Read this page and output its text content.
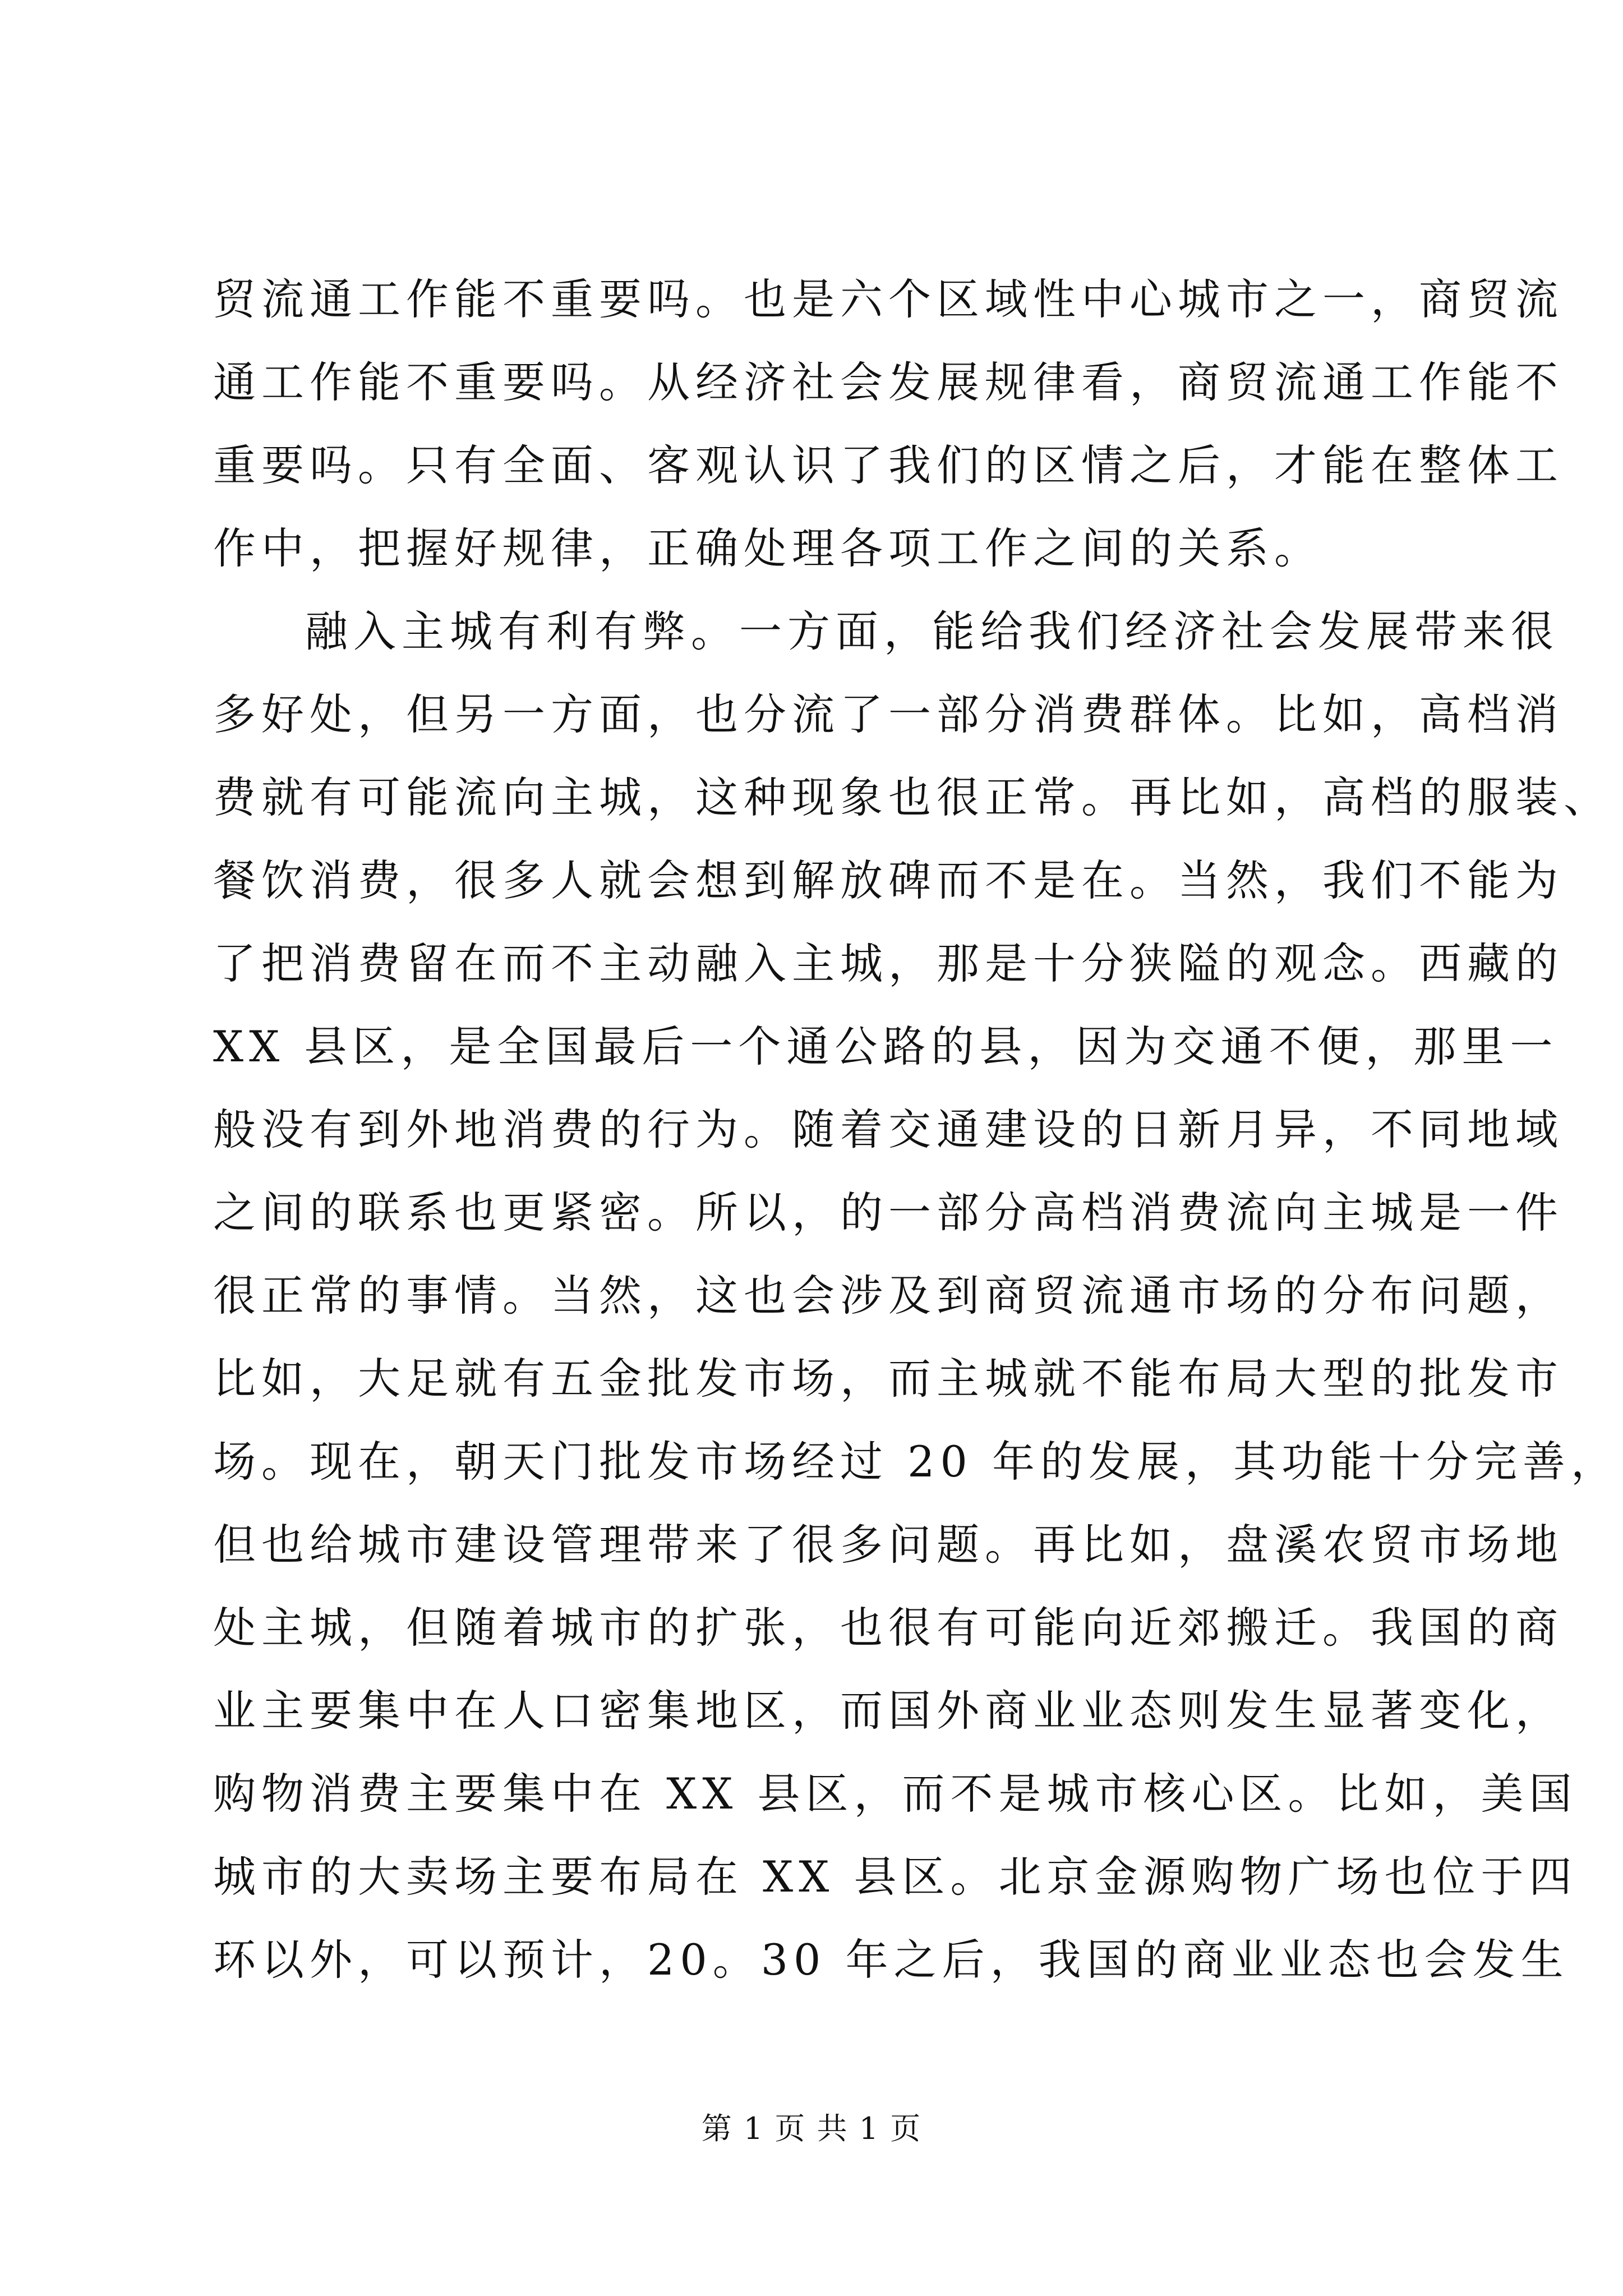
贸流通工作能不重要吗。也是六个区域性中心城市之一，商贸流
通工作能不重要吗。从经济社会发展规律看，商贸流通工作能不
重要吗。只有全面、客观认识了我们的区情之后，才能在整体工
作中，把握好规律，正确处理各项工作之间的关系。
融入主城有利有弊。一方面，能给我们经济社会发展带来很
多好处，但另一方面，也分流了一部分消费群体。比如，高档消
费就有可能流向主城，这种现象也很正常。再比如，高档的服装、
餐饮消费，很多人就会想到解放碑而不是在。当然，我们不能为
了把消费留在而不主动融入主城，那是十分狭隘的观念。西藏的
XX 县区，是全国最后一个通公路的县，因为交通不便，那里一
般没有到外地消费的行为。随着交通建设的日新月异，不同地域
之间的联系也更紧密。所以，的一部分高档消费流向主城是一件
很正常的事情。当然，这也会涉及到商贸流通市场的分布问题，
比如，大足就有五金批发市场，而主城就不能布局大型的批发市
场。现在，朝天门批发市场经过 20 年的发展，其功能十分完善，
但也给城市建设管理带来了很多问题。再比如，盘溪农贸市场地
处主城，但随着城市的扩张，也很有可能向近郊搬迁。我国的商
业主要集中在人口密集地区，而国外商业业态则发生显著变化，
购物消费主要集中在 XX 县区，而不是城市核心区。比如，美国
城市的大卖场主要布局在 XX 县区。北京金源购物广场也位于四
环以外，可以预计，20。30 年之后，我国的商业业态也会发生
第 1 页 共 1 页
